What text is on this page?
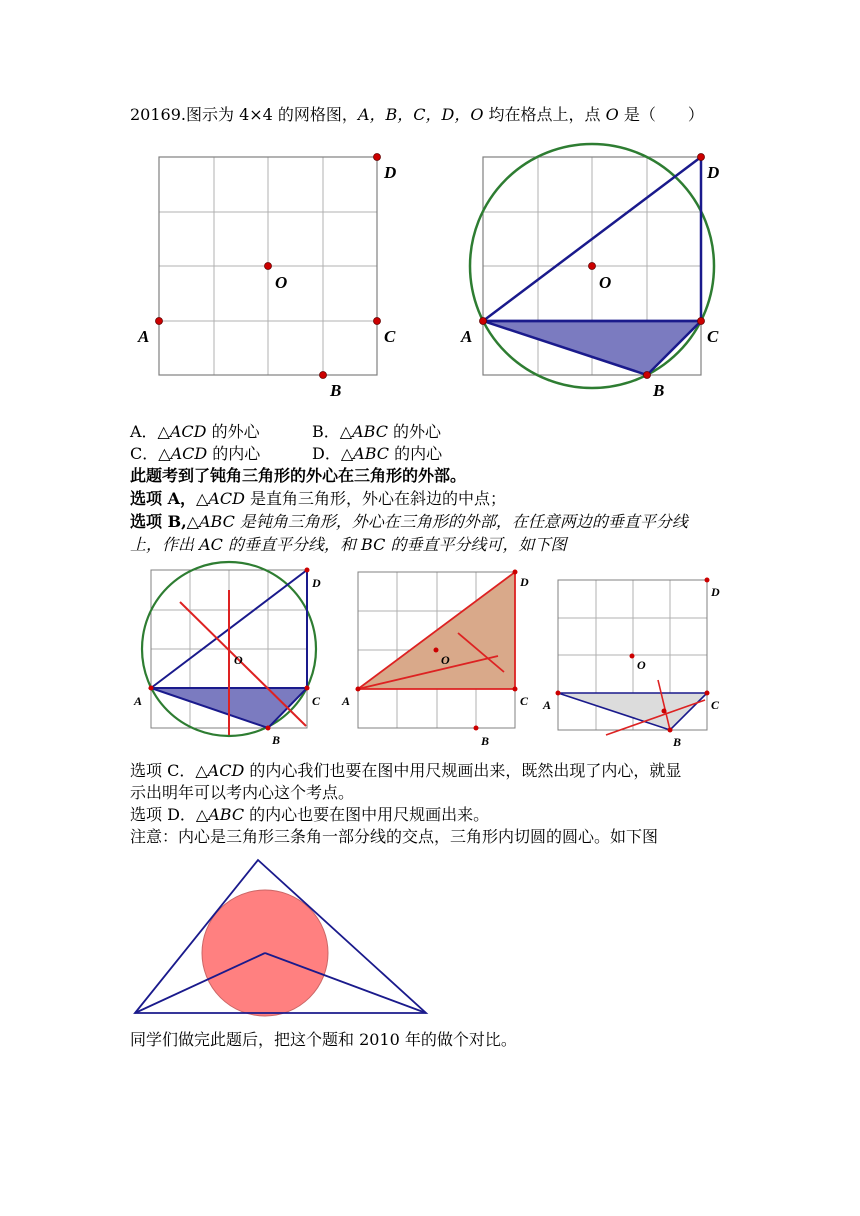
20169.图示为 4×4 的网格图，A，B，C，D，O 均在格点上，点 O 是（　　）
D
O
A	C
B
D
O
A	C
B
A．△ACD 的外心	B．△ABC 的外心
C．△ACD 的内心	D．△ABC 的内心
此题考到了钝角三角形的外心在三角形的外部。
选项 A，△ACD 是直角三角形，外心在斜边的中点；
选项 B,△ABC 是钝角三角形，外心在三角形的外部，在任意两边的垂直平分线
上，作出 AC 的垂直平分线，和 BC 的垂直平分线可，如下图
D
O
A	C
B
D
O
A	C
B
D
O
A	C
B
选项 C．△ACD 的内心我们也要在图中用尺规画出来，既然出现了内心，就显
示出明年可以考内心这个考点。
选项 D．△ABC 的内心也要在图中用尺规画出来。
注意：内心是三角形三条角一部分线的交点，三角形内切圆的圆心。如下图
同学们做完此题后，把这个题和 2010 年的做个对比。
